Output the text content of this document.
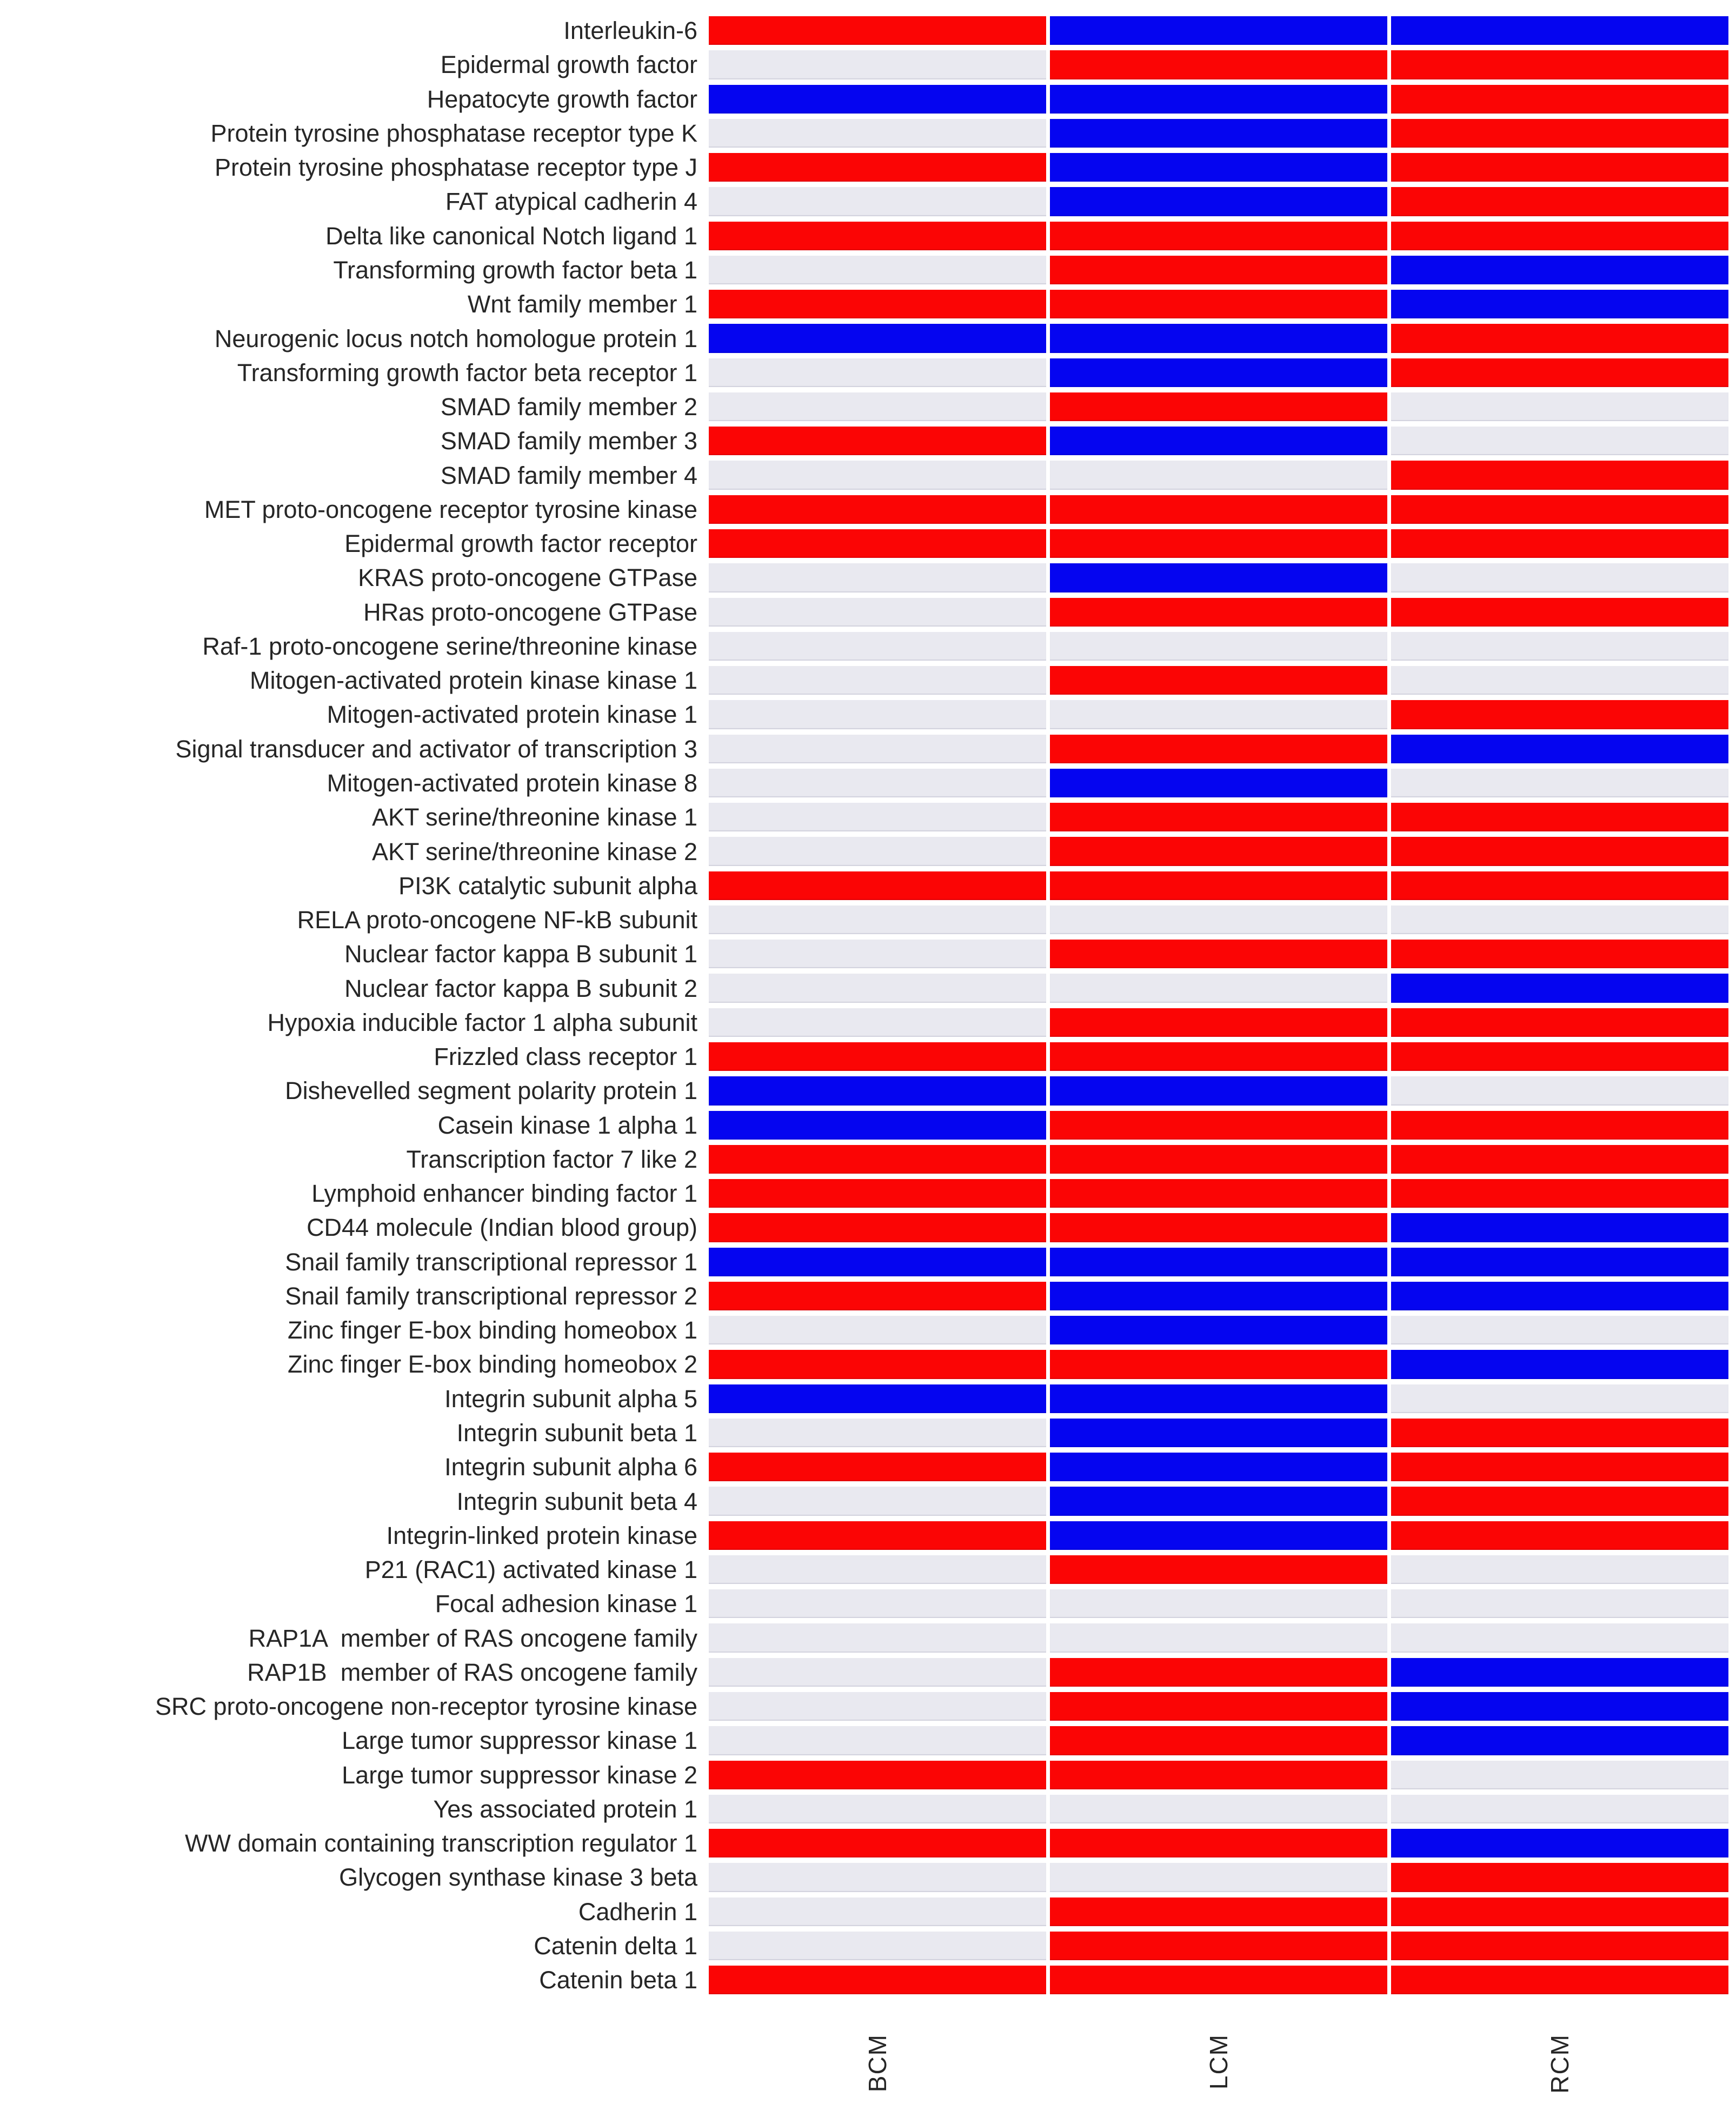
Interleukin-6
Epidermal growth factor
Hepatocyte growth factor
Protein tyrosine phosphatase receptor type K
Protein tyrosine phosphatase receptor type J
FAT atypical cadherin 4
Delta like canonical Notch ligand 1
Transforming growth factor beta 1
Wnt family member 1
Neurogenic locus notch homologue protein 1
Transforming growth factor beta receptor 1
SMAD family member 2
SMAD family member 3
SMAD family member 4
MET proto-oncogene receptor tyrosine kinase
Epidermal growth factor receptor
KRAS proto-oncogene GTPase
HRas proto-oncogene GTPase
Raf-1 proto-oncogene serine/threonine kinase
Mitogen-activated protein kinase kinase 1
Mitogen-activated protein kinase 1
Signal transducer and activator of transcription 3
Mitogen-activated protein kinase 8
AKT serine/threonine kinase 1
AKT serine/threonine kinase 2
PI3K catalytic subunit alpha
RELA proto-oncogene NF-kB subunit
Nuclear factor kappa B subunit 1
Nuclear factor kappa B subunit 2
Hypoxia inducible factor 1 alpha subunit
Frizzled class receptor 1
Dishevelled segment polarity protein 1
Casein kinase 1 alpha 1
Transcription factor 7 like 2
Lymphoid enhancer binding factor 1
CD44 molecule (Indian blood group)
Snail family transcriptional repressor 1
Snail family transcriptional repressor 2
Zinc finger E-box binding homeobox 1
Zinc finger E-box binding homeobox 2
Integrin subunit alpha 5
Integrin subunit beta 1
Integrin subunit alpha 6
Integrin subunit beta 4
Integrin-linked protein kinase
P21 (RAC1) activated kinase 1
Focal adhesion kinase 1
RAP1A  member of RAS oncogene family
RAP1B  member of RAS oncogene family
SRC proto-oncogene non-receptor tyrosine kinase
Large tumor suppressor kinase 1
Large tumor suppressor kinase 2
Yes associated protein 1
WW domain containing transcription regulator 1
Glycogen synthase kinase 3 beta
Cadherin 1
Catenin delta 1
Catenin beta 1
BCM	LCM	RCM
